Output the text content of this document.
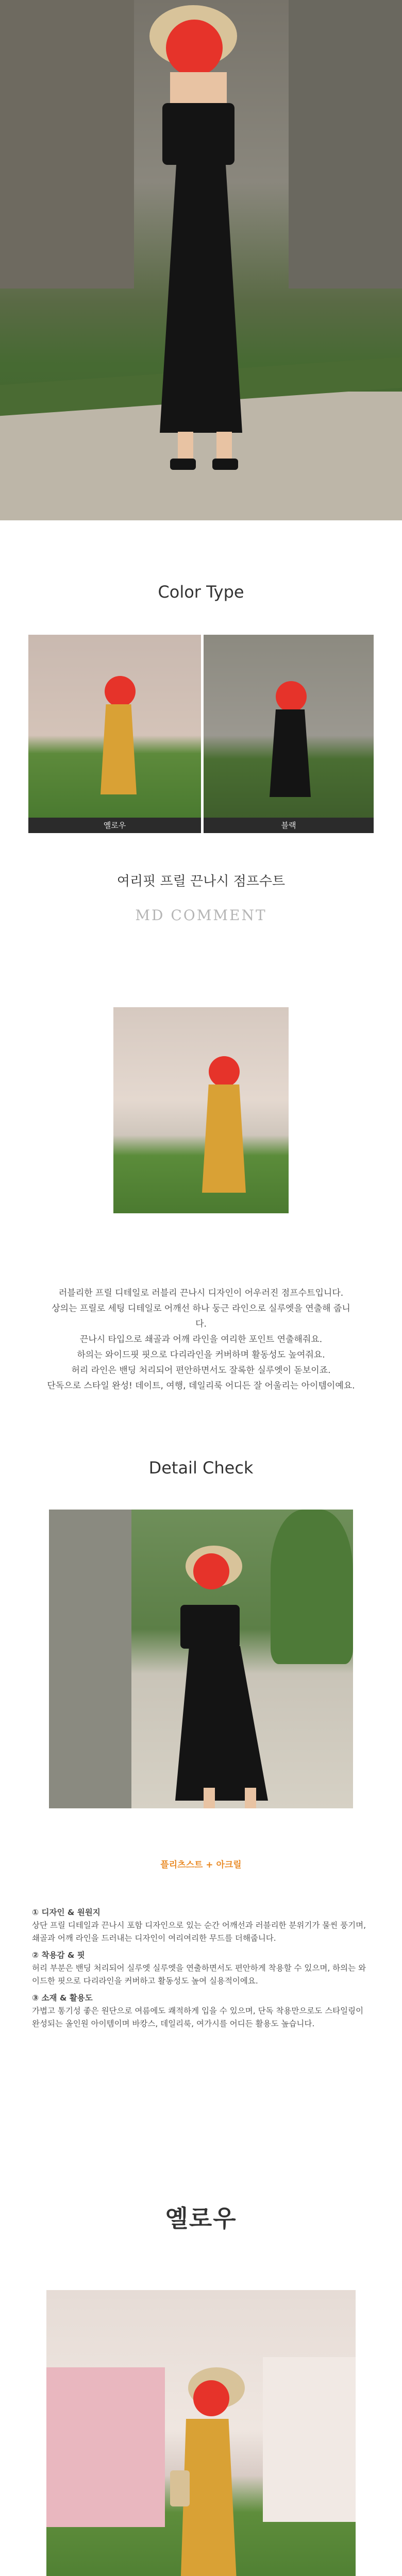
Color Type
옐로우	블랙
여리핏 프릴 끈나시 점프수트
MD COMMENT
러블리한 프릴 디테일로 러블리 끈나시 디자인이 어우러진 점프수트입니다.
상의는 프릴로 세팅 디테일로 어깨선 하나 둥근 라인으로 실루엣을 연출해 줍니다.
끈나시 타입으로 쇄골과 어깨 라인을 여리한 포인트 연출해줘요.
하의는 와이드핏 핏으로 다리라인을 커버하며 활동성도 높여줘요.
허리 라인은 밴딩 처리되어 편안하면서도 잘록한 실루엣이 돋보이죠.
단독으로 스타일 완성! 데이트, 여행, 데일리룩 어디든 잘 어울리는 아이템이예요.
Detail Check
플리츠스트 + 아크릴
① 디자인 & 원원지
상단 프릴 디테일과 끈나시 포함 디자인으로 있는 순간 어깨선과 러블리한 분위기가 물씬 풍기며, 쇄골과 어깨 라인을 드러내는 디자인이 여리여리한 무드를 더해줍니다.
② 착용감 & 핏
허리 부분은 밴딩 처리되어 실루엣 실루엣을 연출하면서도 편안하게 착용할 수 있으며, 하의는 와이드한 핏으로 다리라인을 커버하고 활동성도 높여 실용적이에요.
③ 소재 & 활용도
가볍고 통기성 좋은 원단으로 여름에도 쾌적하게 입을 수 있으며, 단독 착용만으로도 스타일링이 완성되는 올인원 아이템이며 바캉스, 데일리룩, 여가시를 어디든 활용도 높습니다.
옐로우
